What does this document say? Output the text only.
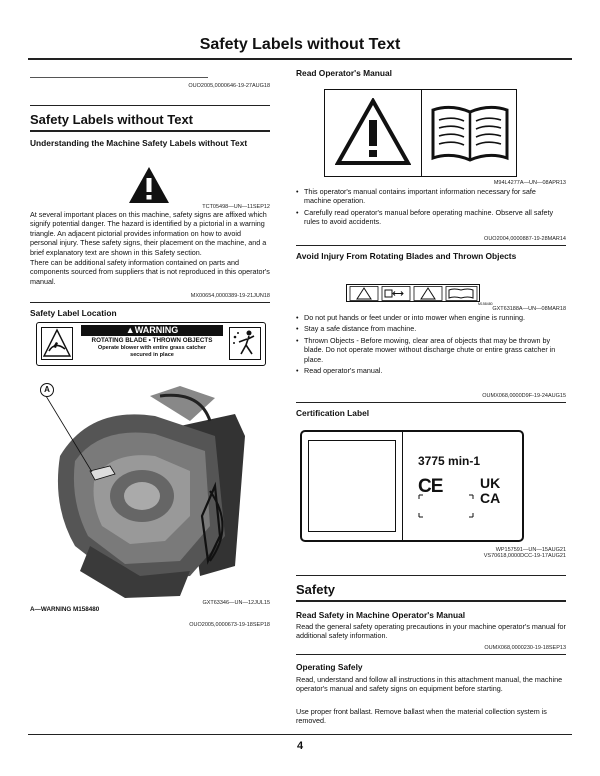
Safety Labels without Text
OUO2005,0000646-19-27AUG18
Safety Labels without Text
Understanding the Machine Safety Labels without Text
TCT05498—UN—11SEP12
At several important places on this machine, safety signs are affixed which signify potential danger. The hazard is identified by a pictorial in a warning triangle. An adjacent pictorial provides information on how to avoid personal injury. These safety signs, their placement on the machine, and a brief explanatory text are shown in this Safety section.
There can be additional safety information contained on parts and components sourced from suppliers that is not reproduced in this operator's manual.
MX00654,0000389-19-21JUN18
Safety Label Location
▲WARNING
ROTATING BLADE • THROWN OBJECTS
Operate blower with entire grass catcher
secured in place
A
GXT63346—UN—12JUL15
A—WARNING M158480
OUO2005,0000673-19-18SEP18
Read Operator's Manual
M94L4277A—UN—08APR13
• This operator's manual contains important information necessary for safe machine operation.
• Carefully read operator's manual before operating machine. Observe all safety rules to avoid accidents.
OUO2004,0000887-19-28MAR14
Avoid Injury From Rotating Blades and Thrown Objects
M158480
GXT63188A—UN—08MAR18
• Do not put hands or feet under or into mower when engine is running.
• Stay a safe distance from machine.
• Thrown Objects - Before mowing, clear area of objects that may be thrown by blade. Do not operate mower without discharge chute or entire grass catcher in place.
• Read operator's manual.
OUMX068,0000D9F-19-24AUG15
Certification Label
3775 min-1
CE	UK
CA
WP157591—UN—15AUG21
VS70618,0000DCC-19-17AUG21
Safety
Read Safety in Machine Operator's Manual
Read the general safety operating precautions in your machine operator's manual for additional safety information.
OUMX068,0000230-19-18SEP13
Operating Safely
Read, understand and follow all instructions in this attachment manual, the machine operator's manual and safety signs on equipment before starting.
Use proper front ballast. Remove ballast when the material collection system is removed.
4
